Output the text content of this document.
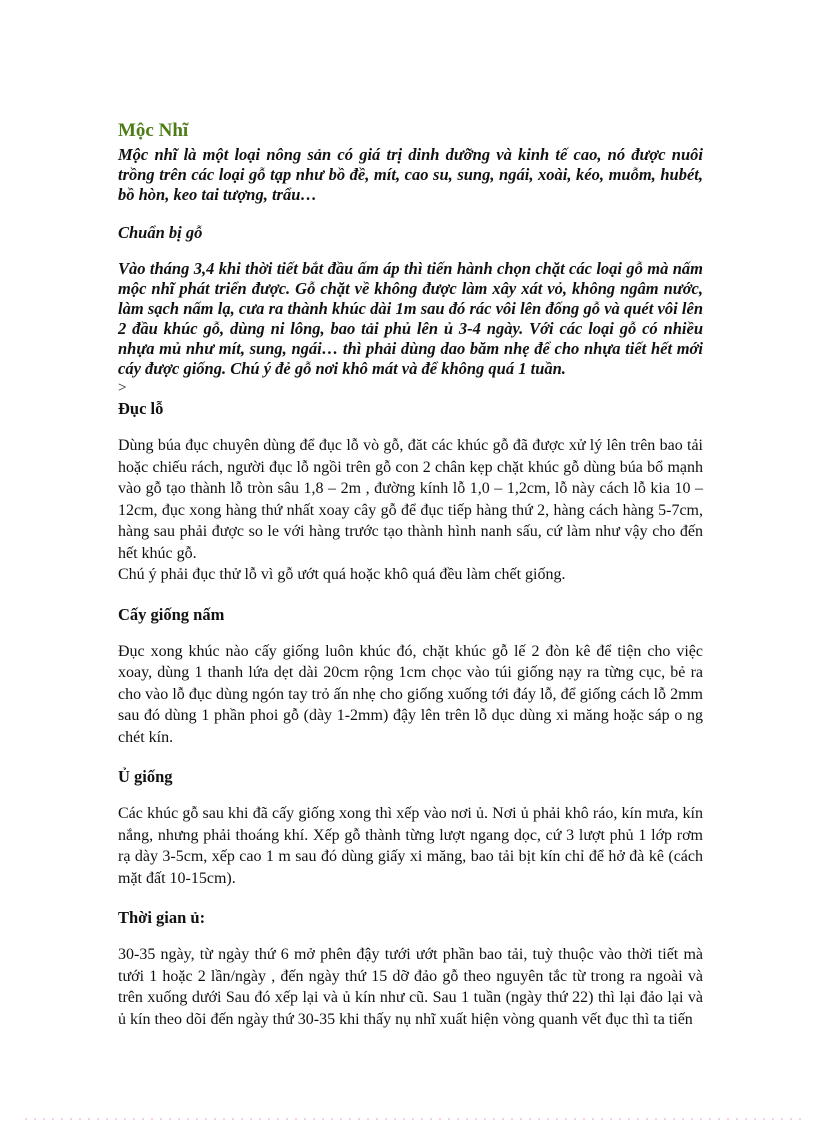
Mộc Nhĩ

Mộc nhĩ là một loại nông sản có giá trị dinh dưỡng và kinh tế cao, nó được nuôi trồng trên các loại gỗ tạp như bồ đề, mít, cao su, sung, ngái, xoài, kéo, muỗm, hubét, bồ hòn, keo tai tượng, trẩu…

Chuẩn bị gỗ

Vào tháng 3,4 khi thời tiết bắt đầu ấm áp thì tiến hành chọn chặt các loại gỗ mà nấm mộc nhĩ phát triển được. Gỗ chặt về không được làm xây xát vỏ, không ngâm nước, làm sạch nấm lạ, cưa ra thành khúc dài 1m sau đó rác vôi lên đống gỗ và quét vôi lên 2 đầu khúc gỗ, dùng ni lông, bao tải phủ lên ủ 3-4 ngày. Với các loại gỗ có nhiều nhựa mủ như mít, sung, ngái… thì phải dùng dao băm nhẹ để cho nhựa tiết hết mới cáy được giống. Chú ý đẻ gỗ nơi khô mát và để không quá 1 tuần.

>
Đục lỗ

Dùng búa đục chuyên dùng để đục lỗ vò gỗ, đăt các khúc gỗ đã được xử lý lên trên bao tải hoặc chiếu rách, người đục lỗ ngồi trên gỗ con 2 chân kẹp chặt khúc gỗ dùng búa bổ mạnh vào gỗ tạo thành lỗ tròn sâu 1,8 – 2m , đường kính lỗ 1,0 – 1,2cm, lỗ này cách lỗ kia 10 – 12cm, đục xong hàng thứ nhất xoay cây gỗ để đục tiếp hàng thứ 2, hàng cách hàng 5-7cm, hàng sau phải được so le với hàng trước tạo thành hình nanh sấu, cứ làm như vậy cho đến hết khúc gỗ.

Chú ý phải đục thử lỗ vì gỗ ướt quá hoặc khô quá đều làm chết giống.

Cấy giống nấm

Đục xong khúc nào cấy giống luôn khúc đó, chặt khúc gỗ lế 2 đòn kê để tiện cho việc xoay, dùng 1 thanh lứa dẹt dài 20cm rộng 1cm chọc vào túi giống nạy ra từng cục, bẻ ra cho vào lỗ đục dùng ngón tay trỏ ấn nhẹ cho giống xuống tới đáy lỗ, để giống cách lỗ 2mm sau đó dùng 1 phần phoi gỗ (dày 1-2mm) đậy lên trên lỗ dục dùng xi măng hoặc sáp o ng chét kín.

Ủ giống

Các khúc gỗ sau khi đã cấy giống xong thì xếp vào nơi ủ. Nơi ủ phải khô ráo, kín mưa, kín nắng, nhưng phải thoáng khí. Xếp gỗ thành từng lượt ngang dọc, cứ 3 lượt phủ 1 lớp rơm rạ dày 3-5cm, xếp cao 1 m sau đó dùng giấy xi măng, bao tải bịt kín chỉ để hở đà kê (cách mặt đất 10-15cm).

Thời gian ủ:

30-35 ngày, từ ngày thứ 6 mở phên đậy tưới ướt phần bao tải, tuỳ thuộc vào thời tiết mà tưới 1 hoặc 2 lần/ngày , đến ngày thứ 15 dỡ đảo gỗ theo nguyên tắc từ trong ra ngoài và trên xuống dưới Sau đó xếp lại và ủ kín như cũ. Sau 1 tuần (ngày thứ 22) thì lại đảo lại và ủ kín theo dõi đến ngày thứ 30-35 khi thấy nụ nhĩ xuất hiện vòng quanh vết đục thì ta tiến
